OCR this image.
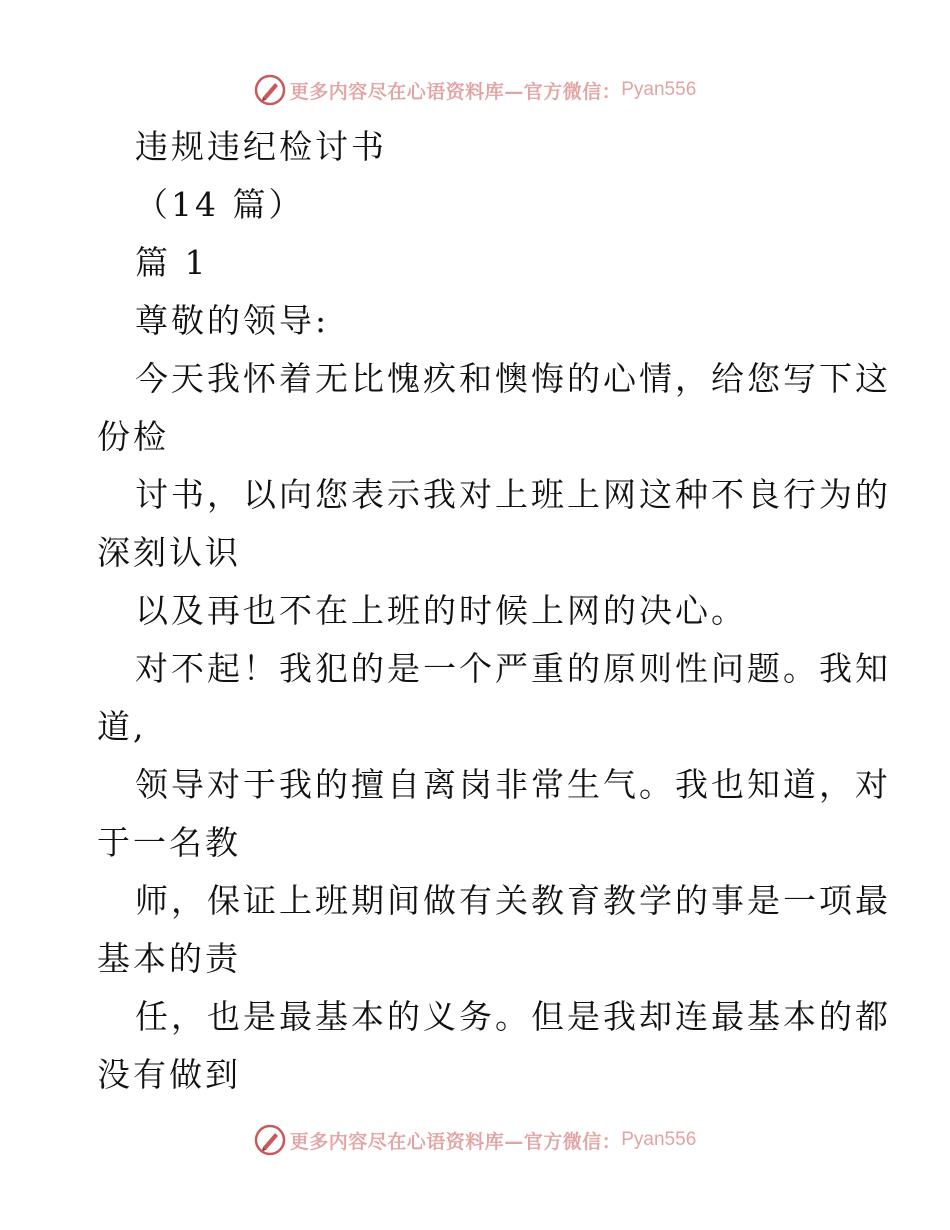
更多内容尽在心语资料库—官方微信： Pyan556
违规违纪检讨书
（14 篇）
篇 1
尊敬的领导:
今天我怀着无比愧疚和懊悔的心情，给您写下这
份检
讨书，以向您表示我对上班上网这种不良行为的
深刻认识
以及再也不在上班的时候上网的决心。
对不起！我犯的是一个严重的原则性问题。我知
道,
领导对于我的擅自离岗非常生气。我也知道，对
于一名教
师，保证上班期间做有关教育教学的事是一项最
基本的责
任，也是最基本的义务。但是我却连最基本的都
没有做到
更多内容尽在心语资料库—官方微信： Pyan556
